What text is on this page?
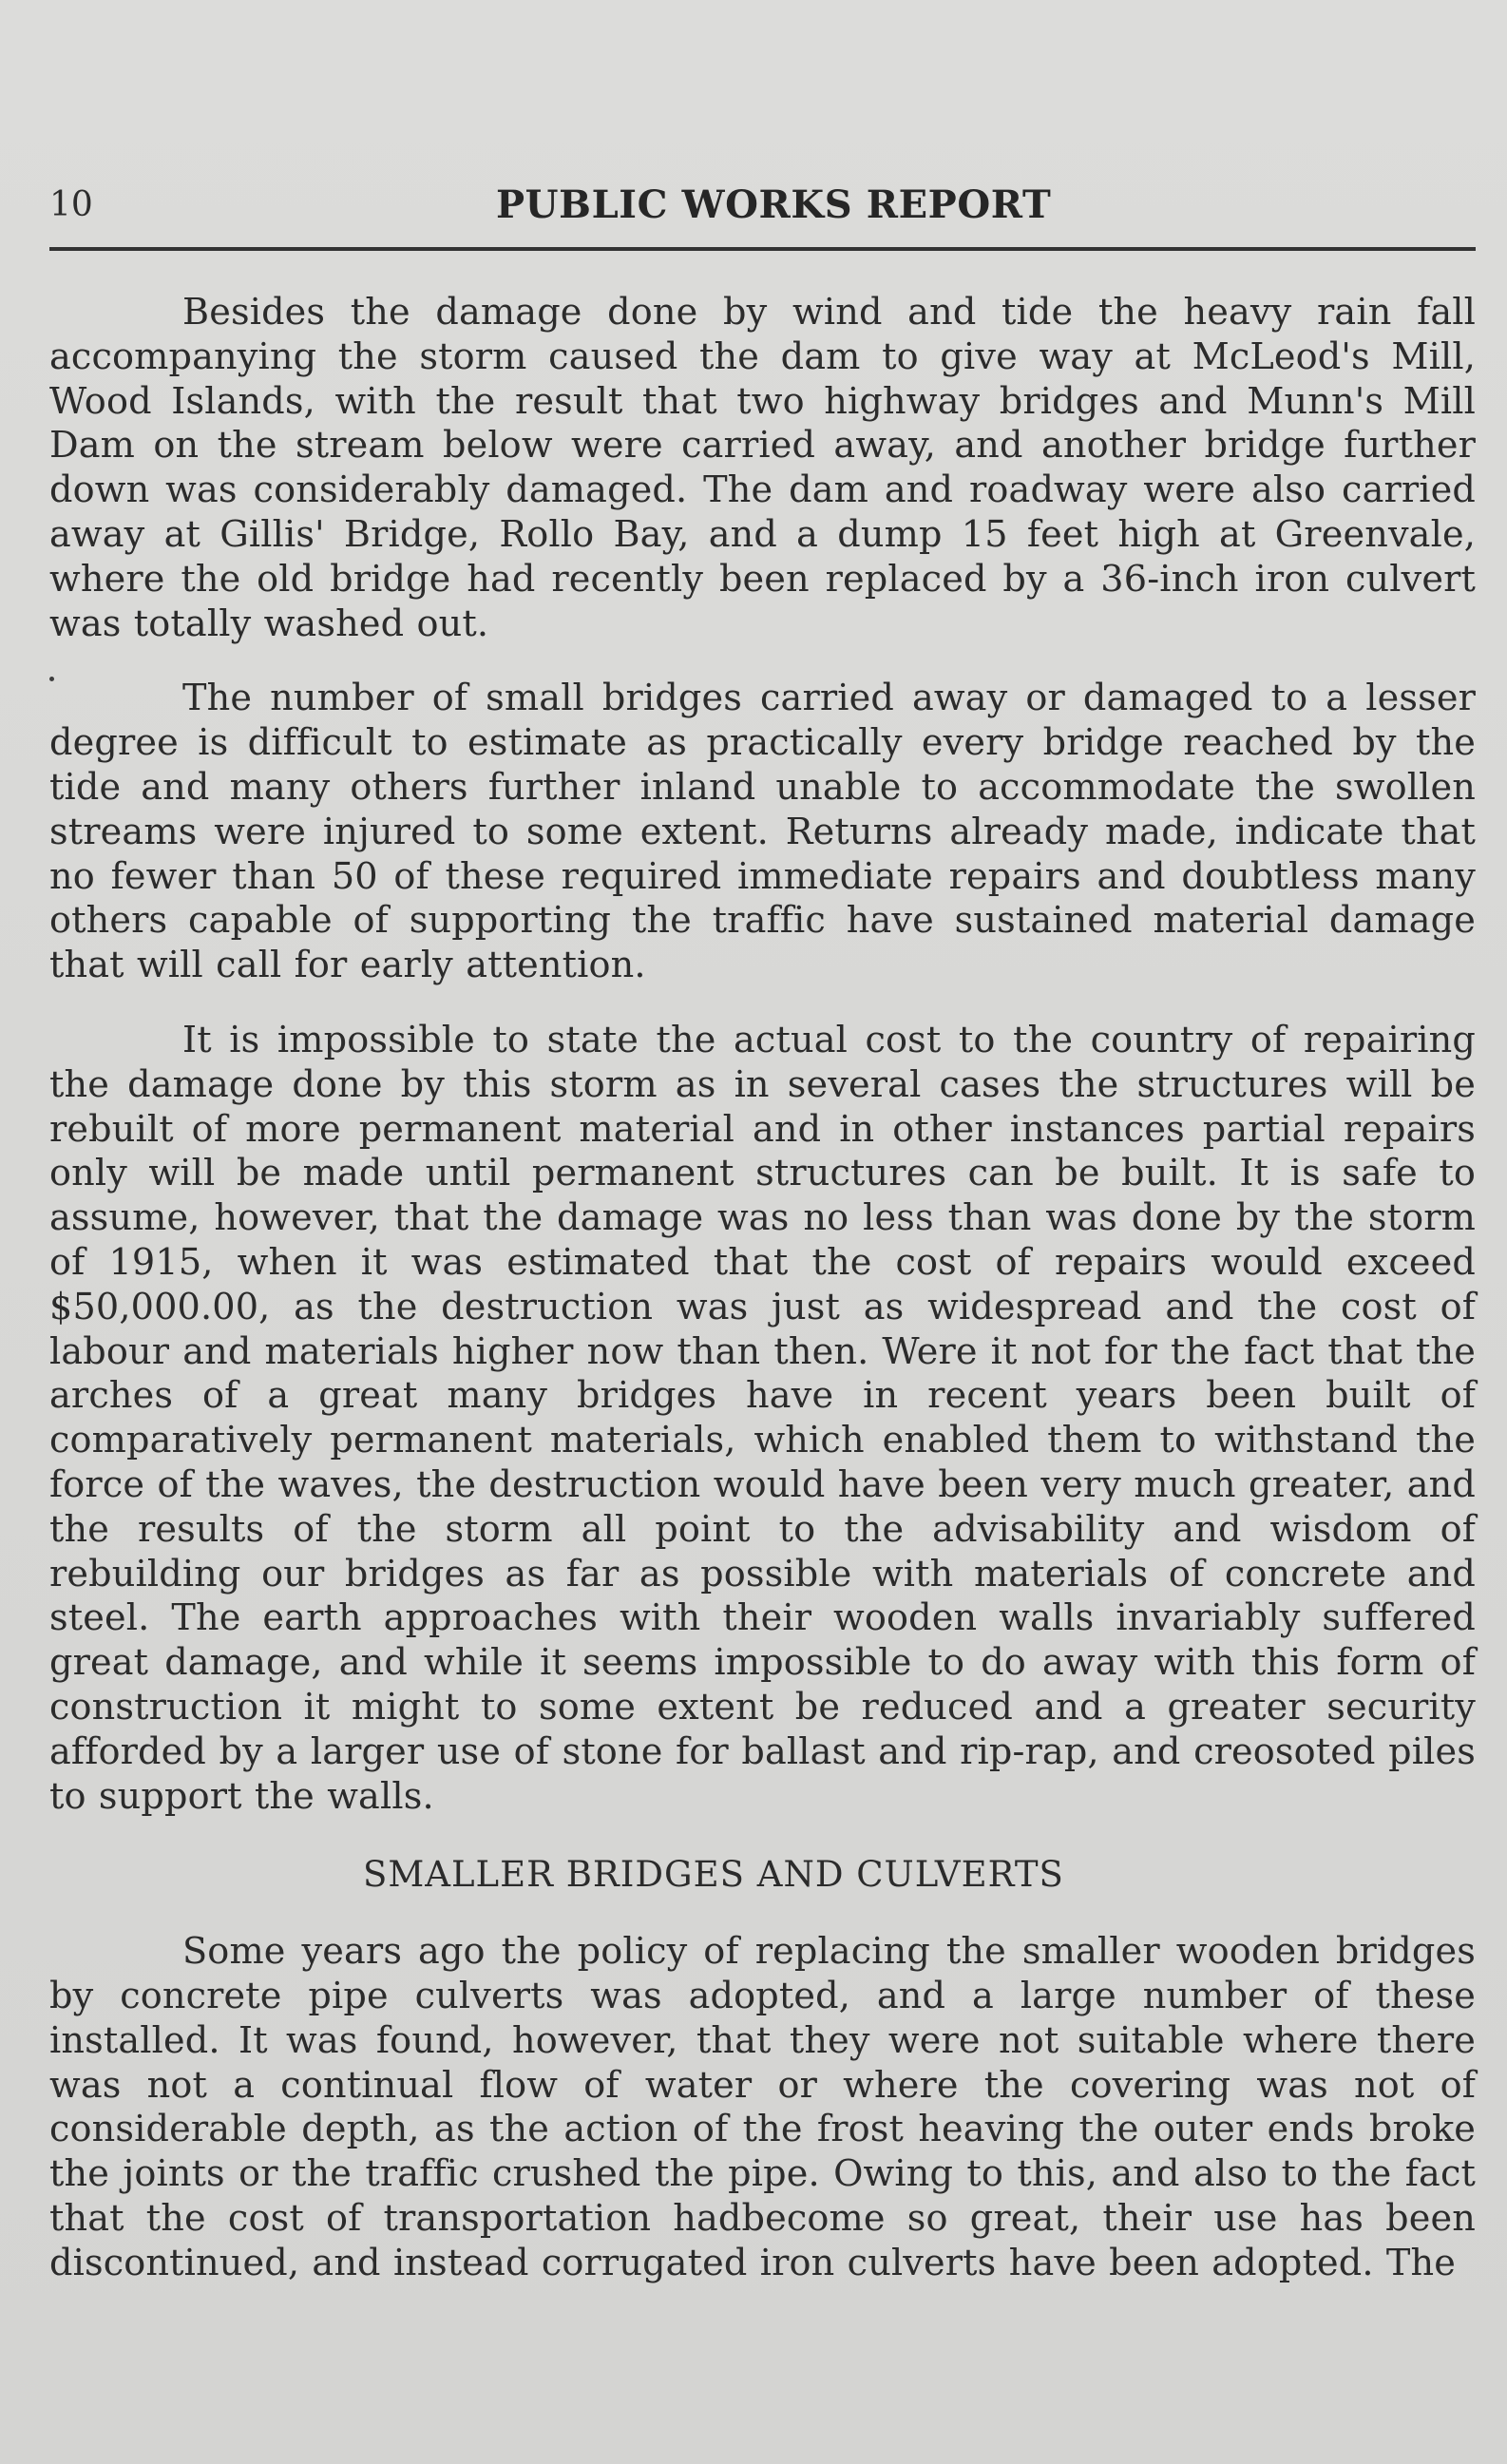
10	PUBLIC WORKS REPORT

Besides the damage done by wind and tide the heavy rain fall accompanying the storm caused the dam to give way at McLeod's Mill, Wood Islands, with the result that two highway bridges and Munn's Mill Dam on the stream below were carried away, and another bridge further down was considerably damaged. The dam and roadway were also carried away at Gillis' Bridge, Rollo Bay, and a dump 15 feet high at Greenvale, where the old bridge had recently been replaced by a 36-inch iron culvert was totally washed out.

The number of small bridges carried away or damaged to a lesser degree is difficult to estimate as practically every bridge reached by the tide and many others further inland unable to accommodate the swollen streams were injured to some extent. Returns already made, indicate that no fewer than 50 of these required immediate repairs and doubtless many others capable of supporting the traffic have sustained material damage that will call for early attention.

It is impossible to state the actual cost to the country of repairing the damage done by this storm as in several cases the structures will be rebuilt of more permanent material and in other instances partial repairs only will be made until permanent structures can be built. It is safe to assume, however, that the damage was no less than was done by the storm of 1915, when it was estimated that the cost of repairs would exceed $50,000.00, as the destruction was just as widespread and the cost of labour and materials higher now than then. Were it not for the fact that the arches of a great many bridges have in recent years been built of comparatively permanent materials, which enabled them to withstand the force of the waves, the destruction would have been very much greater, and the results of the storm all point to the advisability and wisdom of rebuilding our bridges as far as possible with materials of concrete and steel. The earth approaches with their wooden walls invariably suffered great damage, and while it seems impossible to do away with this form of construction it might to some extent be reduced and a greater security afforded by a larger use of stone for ballast and rip-rap, and creosoted piles to support the walls.

SMALLER BRIDGES AND CULVERTS

Some years ago the policy of replacing the smaller wooden bridges by concrete pipe culverts was adopted, and a large number of these installed. It was found, however, that they were not suitable where there was not a continual flow of water or where the covering was not of considerable depth, as the action of the frost heaving the outer ends broke the joints or the traffic crushed the pipe. Owing to this, and also to the fact that the cost of transportation hadbecome so great, their use has been discontinued, and instead corrugated iron culverts have been adopted. The
